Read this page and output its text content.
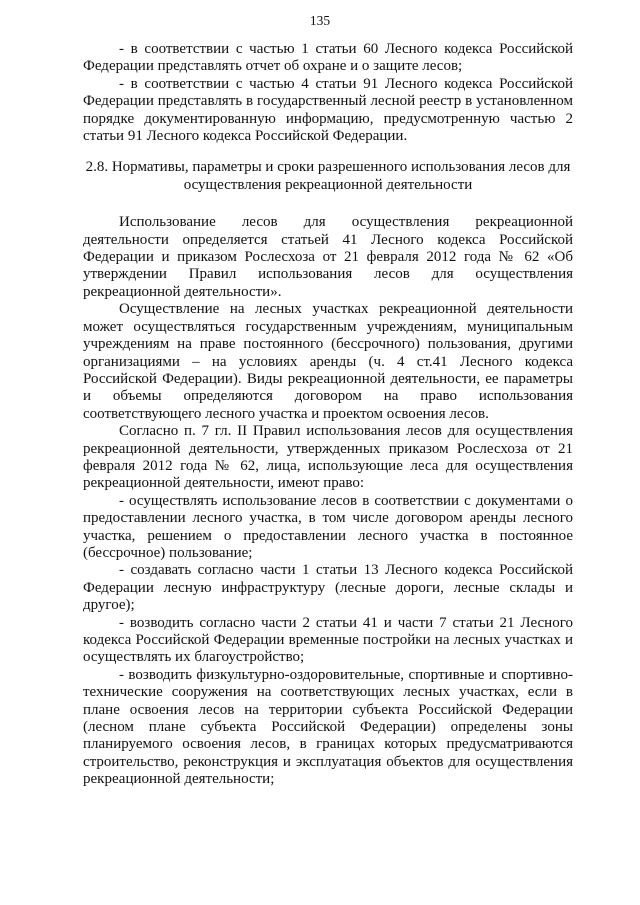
135

- в соответствии с частью 1 статьи 60 Лесного кодекса Российской Федерации представлять отчет об охране и о защите лесов;

- в соответствии с частью 4 статьи 91 Лесного кодекса Российской Федерации представлять в государственный лесной реестр в установленном порядке документированную информацию, предусмотренную частью 2 статьи 91 Лесного кодекса Российской Федерации.

2.8. Нормативы, параметры и сроки разрешенного использования лесов для
осуществления рекреационной деятельности

Использование лесов для осуществления рекреационной деятельности определяется статьей 41 Лесного кодекса Российской Федерации и приказом Рослесхоза от 21 февраля 2012 года № 62 «Об утверждении Правил использования лесов для осуществления рекреационной деятельности».

Осуществление на лесных участках рекреационной деятельности может осуществляться государственным учреждениям, муниципальным учреждениям на праве постоянного (бессрочного) пользования, другими организациями – на условиях аренды (ч. 4 ст.41 Лесного кодекса Российской Федерации). Виды рекреационной деятельности, ее параметры и объемы определяются договором на право использования соответствующего лесного участка и проектом освоения лесов.

Согласно п. 7 гл. II Правил использования лесов для осуществления рекреационной деятельности, утвержденных приказом Рослесхоза от 21 февраля 2012 года № 62, лица, использующие леса для осуществления рекреационной деятельности, имеют право:

- осуществлять использование лесов в соответствии с документами о предоставлении лесного участка, в том числе договором аренды лесного участка, решением о предоставлении лесного участка в постоянное (бессрочное) пользование;

- создавать согласно части 1 статьи 13 Лесного кодекса Российской Федерации лесную инфраструктуру (лесные дороги, лесные склады и другое);

- возводить согласно части 2 статьи 41 и части 7 статьи 21 Лесного кодекса Российской Федерации временные постройки на лесных участках и осуществлять их благоустройство;

- возводить физкультурно-оздоровительные, спортивные и спортивно-технические сооружения на соответствующих лесных участках, если в плане освоения лесов на территории субъекта Российской Федерации (лесном плане субъекта Российской Федерации) определены зоны планируемого освоения лесов, в границах которых предусматриваются строительство, реконструкция и эксплуатация объектов для осуществления рекреационной деятельности;
